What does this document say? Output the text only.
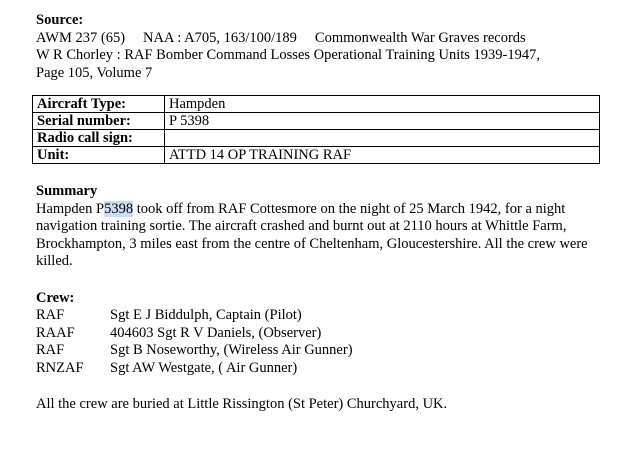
Source:
AWM 237 (65) NAA : A705, 163/100/189 Commonwealth War Graves records
W R Chorley : RAF Bomber Command Losses Operational Training Units 1939-1947,
Page 105, Volume 7
Aircraft Type:	Hampden
Serial number:	P 5398
Radio call sign:	
Unit:	ATTD 14 OP TRAINING RAF
Summary
Hampden P5398 took off from RAF Cottesmore on the night of 25 March 1942, for a night navigation training sortie. The aircraft crashed and burnt out at 2110 hours at Whittle Farm, Brockhampton, 3 miles east from the centre of Cheltenham, Gloucestershire. All the crew were killed.
Crew:
RAF	Sgt E J Biddulph, Captain (Pilot)
RAAF	404603 Sgt R V Daniels, (Observer)
RAF	Sgt B Noseworthy, (Wireless Air Gunner)
RNZAF	Sgt AW Westgate, ( Air Gunner)
All the crew are buried at Little Rissington (St Peter) Churchyard, UK.
